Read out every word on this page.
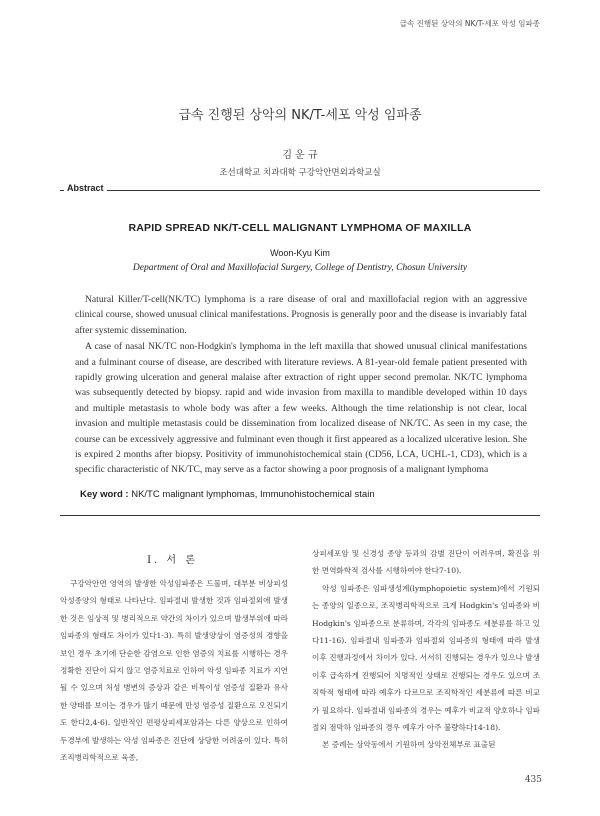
급속 진행된 상악의 NK/T-세포 악성 임파종
급속 진행된 상악의 NK/T-세포 악성 임파종
김 운 규
조선대학교 치과대학 구강악안면외과학교실
Abstract
RAPID SPREAD NK/T-CELL MALIGNANT LYMPHOMA OF MAXILLA
Woon-Kyu Kim
Department of Oral and Maxillofacial Surgery, College of Dentistry, Chosun University

Natural Killer/T-cell(NK/TC) lymphoma is a rare disease of oral and maxillofacial region with an aggressive clinical course, showed unusual clinical manifestations. Prognosis is generally poor and the disease is invariably fatal after systemic dissemination.

A case of nasal NK/TC non-Hodgkin's lymphoma in the left maxilla that showed unusual clinical manifestations and a fulminant course of disease, are described with literature reviews. A 81-year-old female patient presented with rapidly growing ulceration and general malaise after extraction of right upper second premolar. NK/TC lymphoma was subsequently detected by biopsy. rapid and wide invasion from maxilla to mandible developed within 10 days and multiple metastasis to whole body was after a few weeks. Although the time relationship is not clear, local invasion and multiple metastasis could be dissemination from localized disease of NK/TC. As seen in my case, the course can be excessively aggressive and fulminant even though it first appeared as a localized ulcerative lesion. She is expired 2 months after biopsy. Positivity of immunohistochemical stain (CD56, LCA, UCHL-1, CD3), which is a specific characteristic of NK/TC, may serve as a factor showing a poor prognosis of a malignant lymphoma

Key word : NK/TC malignant lymphomas, Immunohistochemical stain
Ⅰ. 서 론

구강악안면 영역의 발생한 악성임파종은 드물며, 대부분 비상피성 악성종양의 형태로 나타난다. 임파절내 발생한 것과 임파절외에 발생한 것은 임상적 및 병리적으로 약간의 차이가 있으며 발생부위에 따라 임파종의 형태도 차이가 있다1-3). 특히 발생양상이 염증성의 경향을 보인 경우 초기에 단순한 감염으로 인한 염증의 치료를 시행하는 경우 정확한 진단이 되지 않고 염증치료로 인하여 악성 임파종 치료가 지연될 수 있으며 처성 병변의 증상과 같은 비특이성 염증성 질환과 유사한 양태를 보이는 경우가 많기 때문에 만성 염증성 질환으로 오진되기도 한다2,4-6). 일반적인 편평상피세포암과는 다른 양상으로 인하여 두경부에 발생하는 악성 임파종은 진단에 상당한 어려움이 있다. 특히 조직병리학적으로 육종,

상피세포암 및 신경성 종양 등과의 감별 진단이 어려우며, 확진을 위한 면역화학적 검사를 시행하여야 한다7-10).

악성 임파종은 임파생성계(lymphopoietic system)에서 기원되는 종양의 일종으로, 조직병리학적으로 크게 Hodgkin's 임파종와 비 Hodgkin's 임파종으로 분류하며, 각각의 임파종도 세분류를 하고 있다11-16). 임파절내 임파종과 임파절외 임파종의 형태에 따라 발생 이후 진행과정에서 차이가 있다. 서서히 진행되는 경우가 있으나 발생이후 급속하게 진행되어 치명적인 상태로 진행되는 경우도 있으며 조직학적 형태에 따라 예후가 다르므로 조직학적인 세분류에 따른 비교가 필요하다. 임파절내 임파종의 경우는 예후가 비교적 양호하나 임파절외 점막하 임파종의 경우 예후가 아주 불량하다14-18).

본 증례는 상악동에서 기원하여 상악전체부로 표출된

435
